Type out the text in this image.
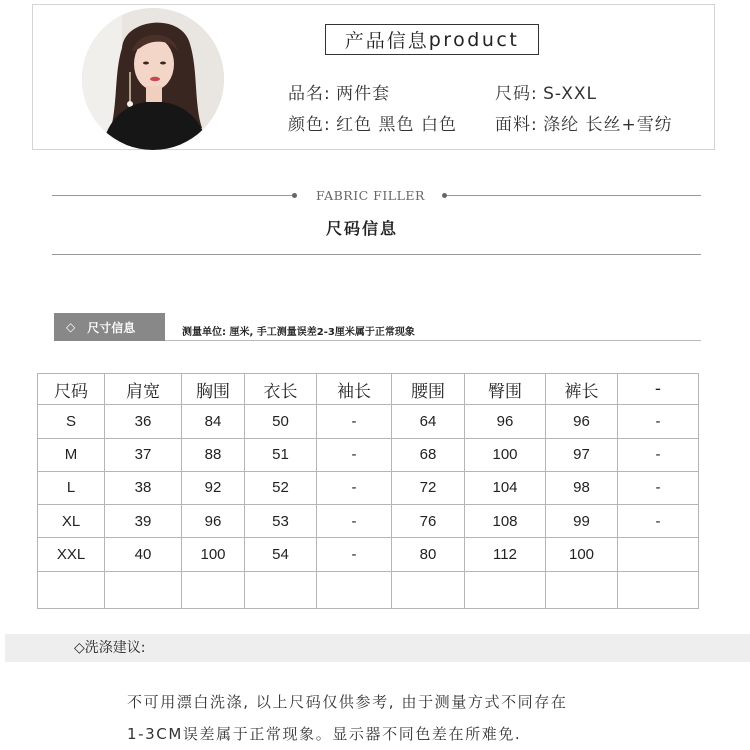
产品信息 product
品名: 两件套	尺码: S-XXL
颜色: 红色 黑色 白色 面料: 涤纶 长丝+雪纺
FABRIC FILLER
尺码信息
◇ 尺寸信息	测量单位: 厘米, 手工测量误差2-3厘米属于正常现象
尺码	肩宽	胸围	衣长	袖长	腰围	臀围	裤长	-
S	36	84	50	-	64	96	96	-
M	37	88	51	-	68	100	97	-
L	38	92	52	-	72	104	98	-
XL	39	96	53	-	76	108	99	-
XXL	40	100	54	-	80	112	100	

◇洗涤建议:
不可用漂白洗涤, 以上尺码仅供参考, 由于测量方式不同存在
1-3CM误差属于正常现象。显示器不同色差在所难免.
